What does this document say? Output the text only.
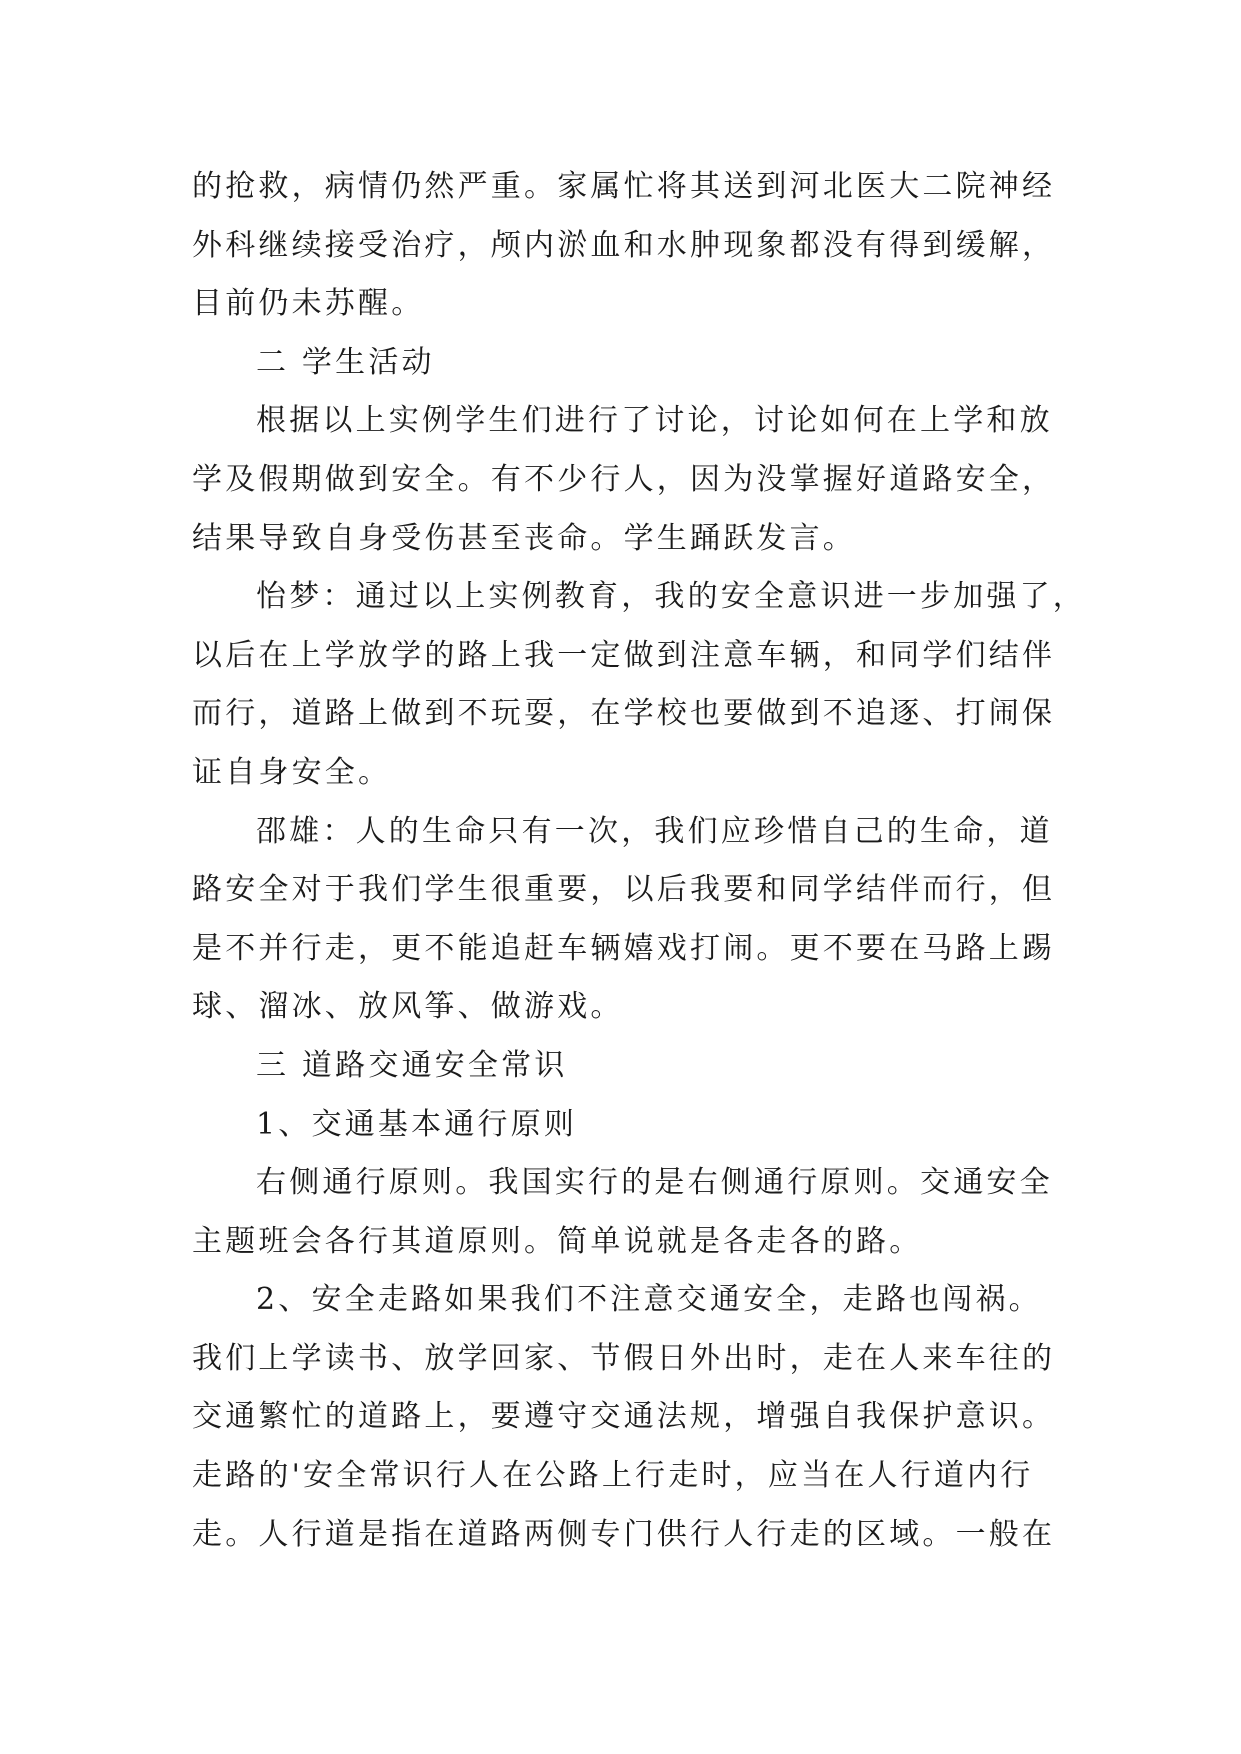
的抢救，病情仍然严重。家属忙将其送到河北医大二院神经
外科继续接受治疗，颅内淤血和水肿现象都没有得到缓解，
目前仍未苏醒。
二 学生活动
根据以上实例学生们进行了讨论，讨论如何在上学和放
学及假期做到安全。有不少行人，因为没掌握好道路安全，
结果导致自身受伤甚至丧命。学生踊跃发言。
怡梦：通过以上实例教育，我的安全意识进一步加强了，
以后在上学放学的路上我一定做到注意车辆，和同学们结伴
而行，道路上做到不玩耍，在学校也要做到不追逐、打闹保
证自身安全。
邵雄：人的生命只有一次，我们应珍惜自己的生命，道
路安全对于我们学生很重要，以后我要和同学结伴而行，但
是不并行走，更不能追赶车辆嬉戏打闹。更不要在马路上踢
球、溜冰、放风筝、做游戏。
三 道路交通安全常识
1、交通基本通行原则
右侧通行原则。我国实行的是右侧通行原则。交通安全
主题班会各行其道原则。简单说就是各走各的路。
2、安全走路如果我们不注意交通安全，走路也闯祸。
我们上学读书、放学回家、节假日外出时，走在人来车往的
交通繁忙的道路上，要遵守交通法规，增强自我保护意识。
走路的'安全常识行人在公路上行走时，应当在人行道内行
走。人行道是指在道路两侧专门供行人行走的区域。一般在
